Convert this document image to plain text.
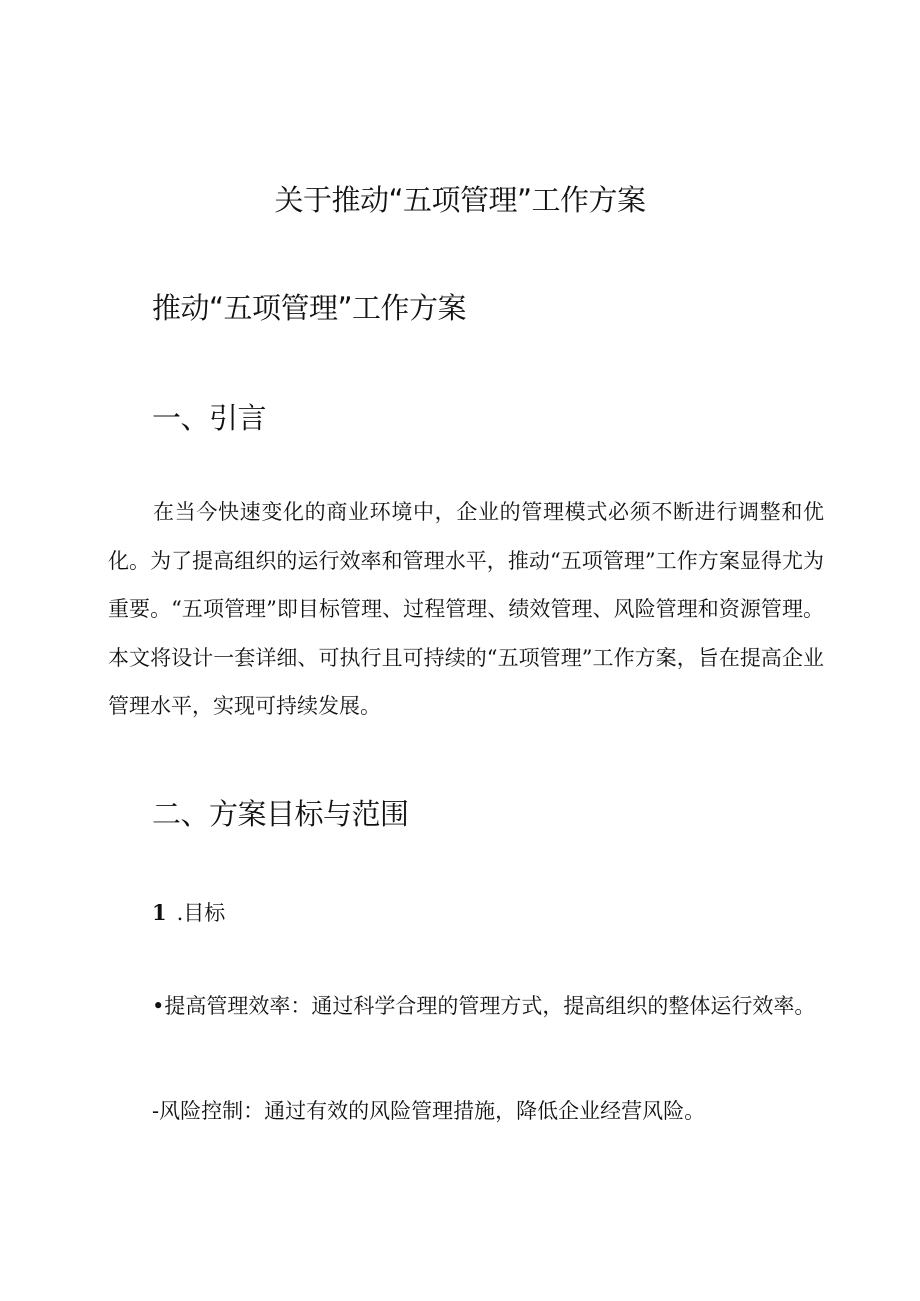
关于推动“五项管理”工作方案
推动“五项管理”工作方案
一、引言

在当今快速变化的商业环境中，企业的管理模式必须不断进行调整和优化。为了提高组织的运行效率和管理水平，推动“五项管理”工作方案显得尤为重要。“五项管理”即目标管理、过程管理、绩效管理、风险管理和资源管理。本文将设计一套详细、可执行且可持续的“五项管理”工作方案，旨在提高企业管理水平，实现可持续发展。

二、方案目标与范围
1 .目标

•提高管理效率：通过科学合理的管理方式，提高组织的整体运行效率。

-风险控制：通过有效的风险管理措施，降低企业经营风险。
